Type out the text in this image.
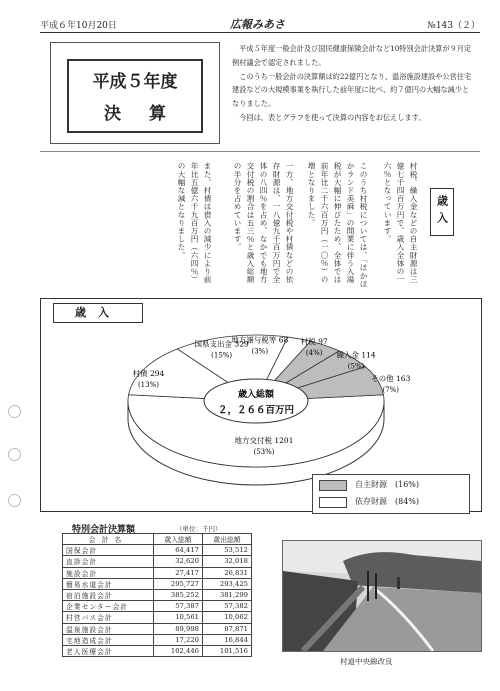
平成６年10月20日	広報みあさ	№143（２）
平成５年度
決算

平成５年度一般会計及び国民健康保険会計など10特別会計決算が９月定例村議会で認定されました。

このうち一般会計の決算額は約22億円となり、温浴施設建設や公営住宅建設などの大規模事業を執行した前年度に比べ、約７億円の大幅な減少となりました。

今回は、表とグラフを使って決算の内容をお伝えします。

歳入
村税、繰入金などの自主財源は三億七千四百万円で、歳入全体の一六％となっています。
このうち村税については、「ほかほかランド美麻」の開業に伴う入湯税が大幅に伸びたため、全体では前年比二千六百万円（一〇％）の増となりました。
一方、地方交付税や村債などの依存財源は、一八億九千百万円で全体の八四％を占め、なかでも地方交付税の割合は五三％と歳入総額の半分を占めています。
また、村債は借入の減少により前年比五億六千九百万円（六四％）の大幅な減となりました。
歳入
歳入総額
２，２６６百万円
地方交付税 1201
(53%)
村債 294
(13%)
国県支出金 329
(15%)
地方譲与税等 68
(3%)
村税 97
(4%) 繰入金 114
(5%)
その他 163
(7%)
自主財源　 (16%)
依存財源　 (84%)
特別会計決算額	（単位：千円）
会計名	歳入総額	歳出総額
国保会計	64,417	53,512
直診会計	32,620	32,018
施設会計	27,417	26,831
簡易水道会計	295,727	293,425
宿泊施設会計	385,252	381,299
企業センター会計	57,387	57,382
村営バス会計	10,561	10,062
温泉施設会計	89,998	87,871
宅地造成会計	17,220	16,844
老人医療会計	102,446	101,516
村道中央線改良
